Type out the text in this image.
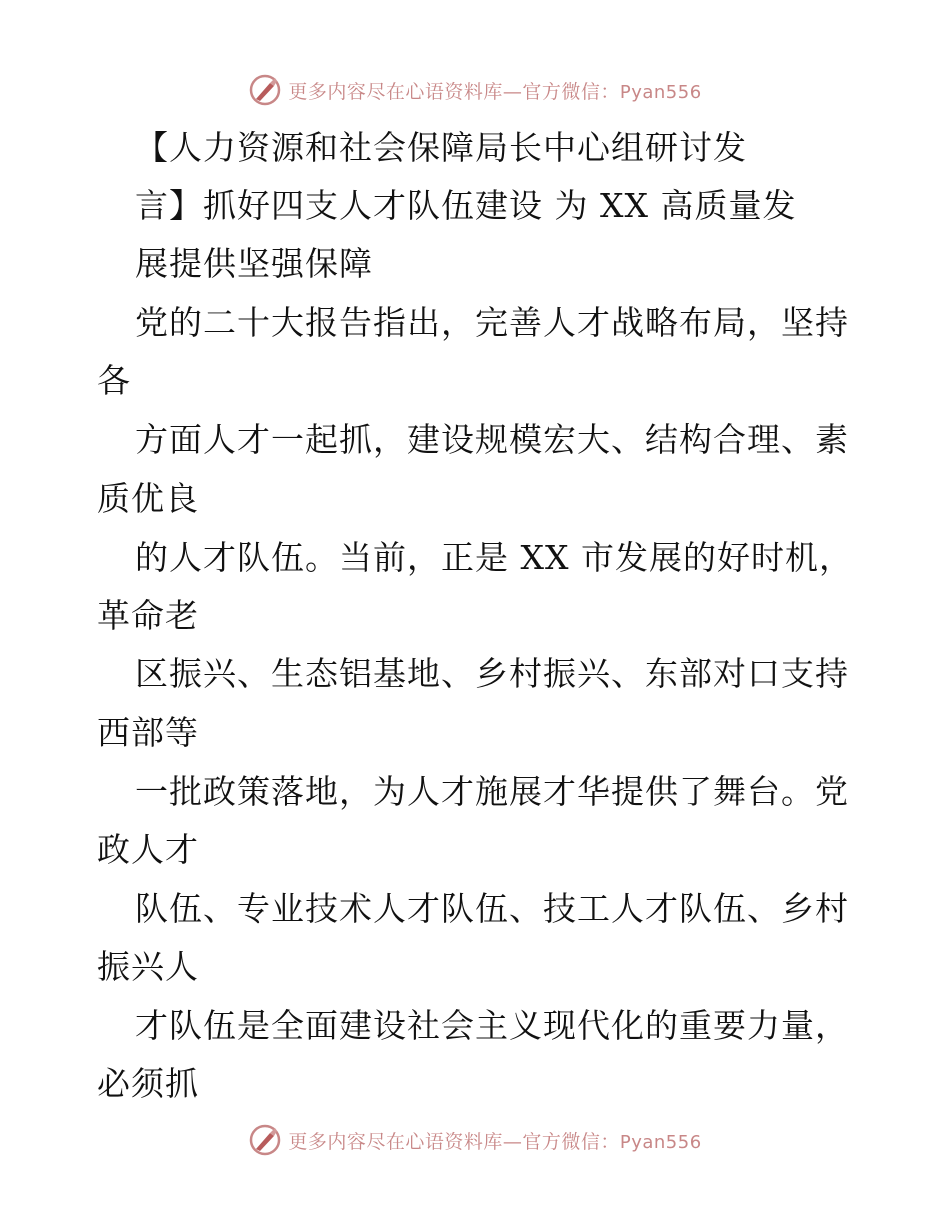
更多内容尽在心语资料库—官方微信：Pyan556
【人力资源和社会保障局长中心组研讨发
言】抓好四支人才队伍建设 为 XX 高质量发
展提供坚强保障
党的二十大报告指出，完善人才战略布局，坚持
各
方面人才一起抓，建设规模宏大、结构合理、素
质优良
的人才队伍。当前，正是 XX 市发展的好时机，
革命老
区振兴、生态铝基地、乡村振兴、东部对口支持
西部等
一批政策落地，为人才施展才华提供了舞台。党
政人才
队伍、专业技术人才队伍、技工人才队伍、乡村
振兴人
才队伍是全面建设社会主义现代化的重要力量，
必须抓
更多内容尽在心语资料库—官方微信：Pyan556
